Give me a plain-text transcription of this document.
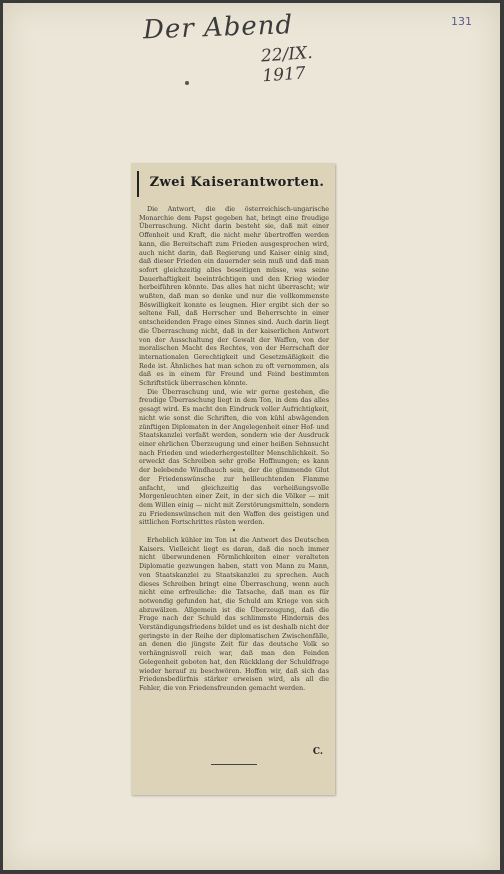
Der Abend
22/IX. 1917
131
Zwei Kaiserantworten.

Die Antwort, die die österreichisch-ungarische Monarchie dem Papst gegeben hat, bringt eine freudige Überraschung. Nicht darin besteht sie, daß mit einer Offenheit und Kraft, die nicht mehr übertroffen werden kann, die Bereitschaft zum Frieden ausgesprochen wird, auch nicht darin, daß Regierung und Kaiser einig sind, daß dieser Frieden ein dauernder sein muß und daß man sofort gleichzeitig alles beseitigen müsse, was seine Dauerhaftigkeit beeinträchtigen und den Krieg wieder herbeiführen könnte. Das alles hat nicht überrascht; wir wußten, daß man so denke und nur die vollkommenste Böswilligkeit konnte es leugnen. Hier ergibt sich der so seltene Fall, daß Herrscher und Beherrschte in einer entscheidenden Frage eines Sinnes sind. Auch darin liegt die Überraschung nicht, daß in der kaiserlichen Antwort von der Ausschaltung der Gewalt der Waffen, von der moralischen Macht des Rechtes, von der Herrschaft der internationalen Gerechtigkeit und Gesetzmäßigkeit die Rede ist. Ähnliches hat man schon zu oft vernommen, als daß es in einem für Freund und Feind bestimmten Schriftstück überraschen könnte.

Die Überraschung und, wie wir gerne gestehen, die freudige Überraschung liegt in dem Ton, in dem das alles gesagt wird. Es macht den Eindruck voller Aufrichtigkeit, nicht wie sonst die Schriften, die von kühl abwägenden zünftigen Diplomaten in der Angelegenheit einer Hof- und Staatskanzlei verfaßt werden, sondern wie der Ausdruck einer ehrlichen Überzeugung und einer heißen Sehnsucht nach Frieden und wiederhergestellter Menschlichkeit. So erweckt das Schreiben sehr große Hoffnungen; es kann der belebende Windhauch sein, der die glimmende Glut der Friedenswünsche zur hellleuchtenden Flamme anfacht, und gleichzeitig das verheißungsvolle Morgenleuchten einer Zeit, in der sich die Völker — mit dem Willen einig — nicht mit Zerstörungsmitteln, sondern zu Friedenswünschen mit den Waffen des geistigen und sittlichen Fortschrittes rüsten werden.

•

Erheblich kühler im Ton ist die Antwort des Deutschen Kaisers. Vielleicht liegt es daran, daß die noch immer nicht überwundenen Förmlichkeiten einer veralteten Diplomatie gezwungen haben, statt von Mann zu Mann, von Staatskanzlei zu Staatskanzlei zu sprechen. Auch dieses Schreiben bringt eine Überraschung, wenn auch nicht eine erfreuliche: die Tatsache, daß man es für notwendig gefunden hat, die Schuld am Kriege von sich abzuwälzen. Allgemein ist die Überzeugung, daß die Frage nach der Schuld das schlimmste Hindernis des Verständigungsfriedens bildet und es ist deshalb nicht der geringste in der Reihe der diplomatischen Zwischenfälle, an denen die jüngste Zeit für das deutsche Volk so verhängnisvoll reich war, daß man den Feinden Gelegenheit geboten hat, den Rückklang der Schuldfrage wieder herauf zu beschwören. Hoffen wir, daß sich das Friedensbedürfnis stärker erweisen wird, als all die Fehler, die von Friedensfreunden gemacht werden.

C.
